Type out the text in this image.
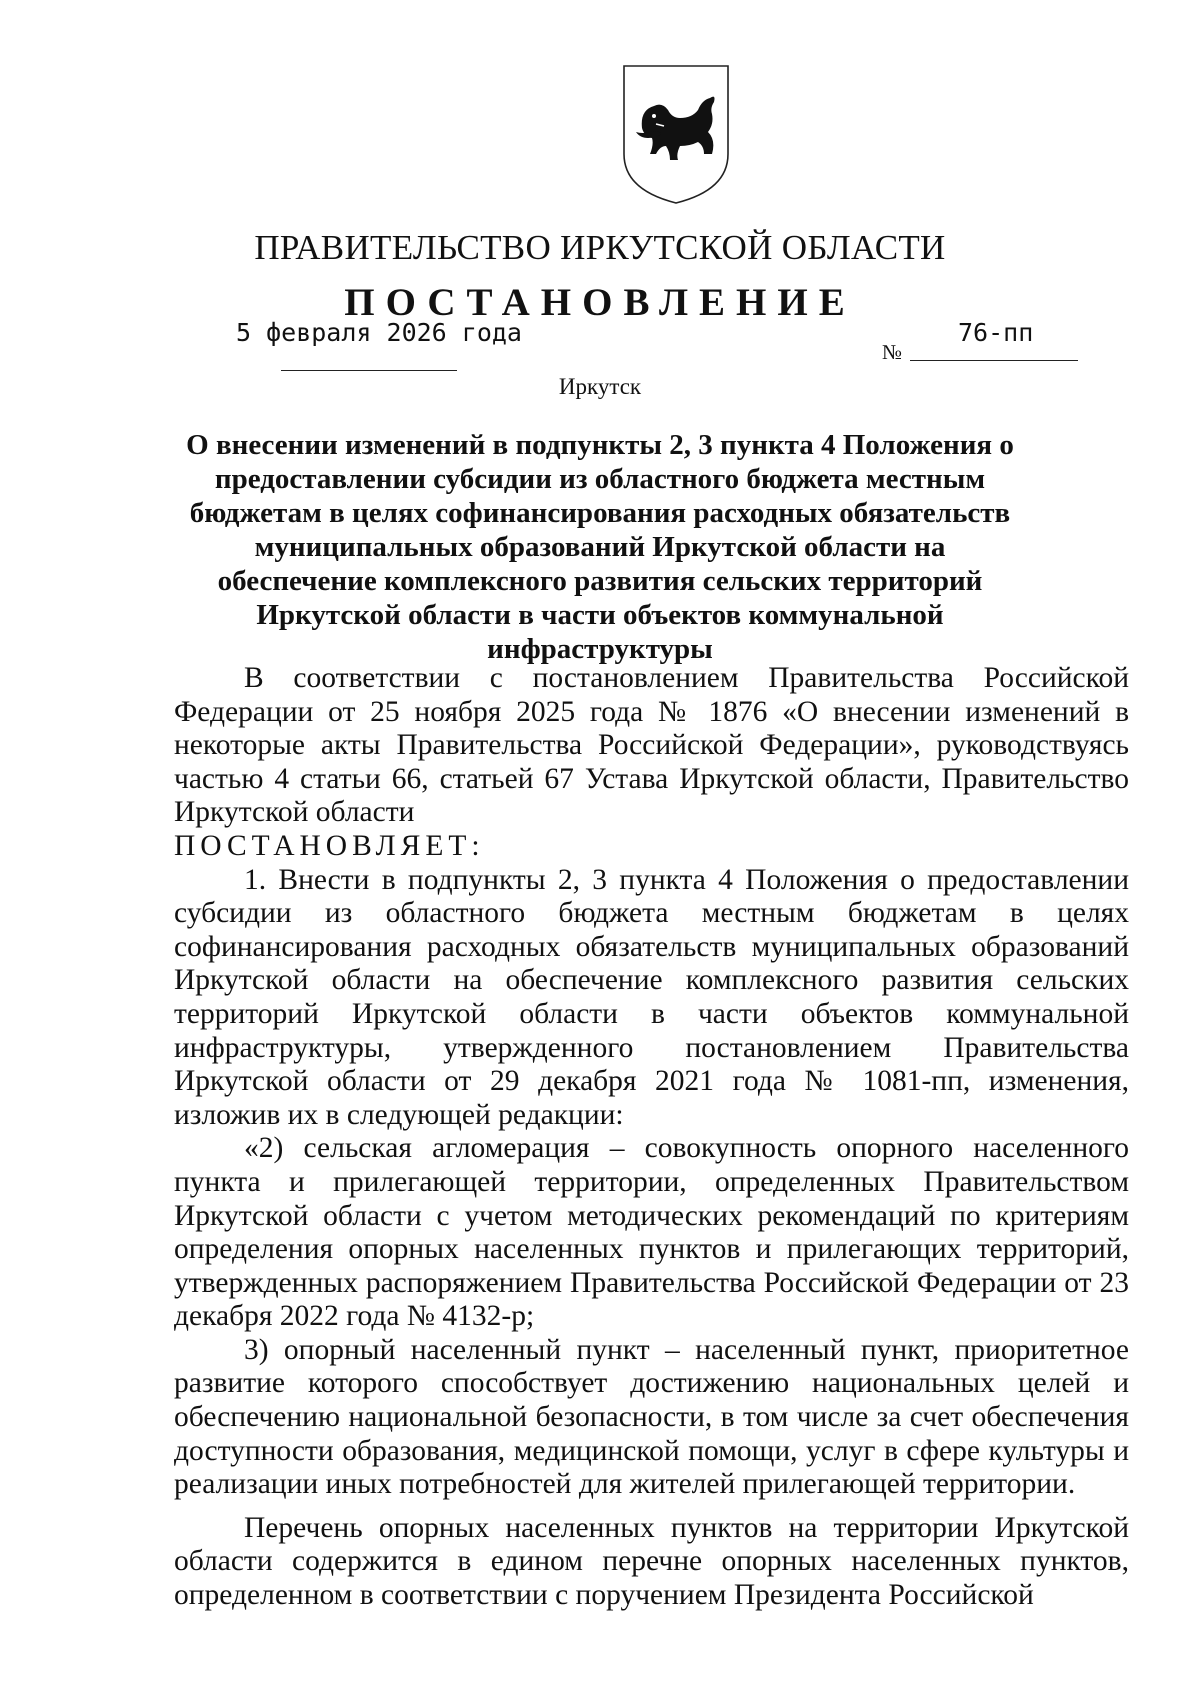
ПРАВИТЕЛЬСТВО ИРКУТСКОЙ ОБЛАСТИ
ПОСТАНОВЛЕНИЕ
5 февраля 2026 года
№
76-пп
Иркутск
О внесении изменений в подпункты 2, 3 пункта 4 Положения о предоставлении субсидии из областного бюджета местным бюджетам в целях софинансирования расходных обязательств муниципальных образований Иркутской области на обеспечение комплексного развития сельских территорий Иркутской области в части объектов коммунальной инфраструктуры

В соответствии с постановлением Правительства Российской Федерации от 25 ноября 2025 года № 1876 «О внесении изменений в некоторые акты Правительства Российской Федерации», руководствуясь частью 4 статьи 66, статьей 67 Устава Иркутской области, Правительство Иркутской области

ПОСТАНОВЛЯЕТ:

1. Внести в подпункты 2, 3 пункта 4 Положения о предоставлении субсидии из областного бюджета местным бюджетам в целях софинансирования расходных обязательств муниципальных образований Иркутской области на обеспечение комплексного развития сельских территорий Иркутской области в части объектов коммунальной инфраструктуры, утвержденного постановлением Правительства Иркутской области от 29 декабря 2021 года № 1081-пп, изменения, изложив их в следующей редакции:

«2) сельская агломерация – совокупность опорного населенного пункта и прилегающей территории, определенных Правительством Иркутской области с учетом методических рекомендаций по критериям определения опорных населенных пунктов и прилегающих территорий, утвержденных распоряжением Правительства Российской Федерации от 23 декабря 2022 года № 4132-р;

3) опорный населенный пункт – населенный пункт, приоритетное развитие которого способствует достижению национальных целей и обеспечению национальной безопасности, в том числе за счет обеспечения доступности образования, медицинской помощи, услуг в сфере культуры и реализации иных потребностей для жителей прилегающей территории.

Перечень опорных населенных пунктов на территории Иркутской области содержится в едином перечне опорных населенных пунктов, определенном в соответствии с поручением Президента Российской
